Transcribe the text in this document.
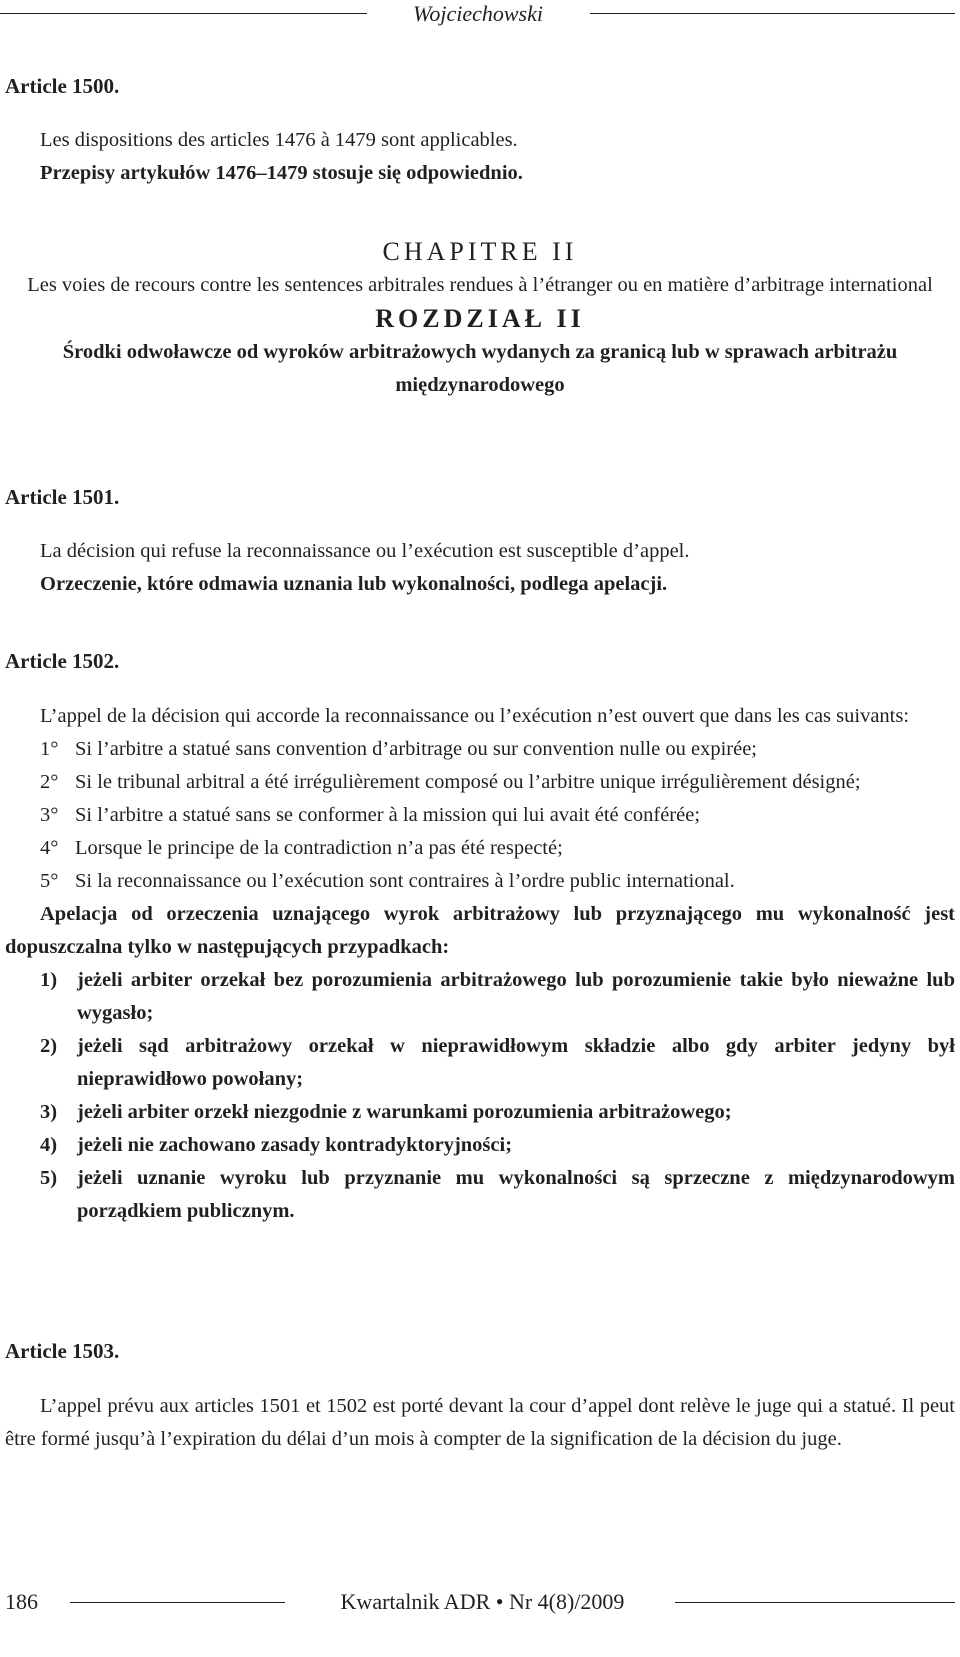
Wojciechowski

Article 1500.

Les dispositions des articles 1476 à 1479 sont applicables.

Przepisy artykułów 1476–1479 stosuje się odpowiednio.

CHAPITRE II

Les voies de recours contre les sentences arbitrales rendues à l’étranger ou en matière d’arbitrage international

ROZDZIAŁ II

Środki odwoławcze od wyroków arbitrażowych wydanych za granicą lub w sprawach arbitrażu międzynarodowego

Article 1501.

La décision qui refuse la reconnaissance ou l’exécution est susceptible d’appel.

Orzeczenie, które odmawia uznania lub wykonalności, podlega apelacji.

Article 1502.

L’appel de la décision qui accorde la reconnaissance ou l’exécution n’est ouvert que dans les cas suivants:

1° Si l’arbitre a statué sans convention d’arbitrage ou sur convention nulle ou expirée;

2° Si le tribunal arbitral a été irrégulièrement composé ou l’arbitre unique irrégulièrement désigné;

3° Si l’arbitre a statué sans se conformer à la mission qui lui avait été conférée;

4° Lorsque le principe de la contradiction n’a pas été respecté;

5° Si la reconnaissance ou l’exécution sont contraires à l’ordre public international.

Apelacja od orzeczenia uznającego wyrok arbitrażowy lub przyznającego mu wykonalność jest dopuszczalna tylko w następujących przypadkach:

1) jeżeli arbiter orzekał bez porozumienia arbitrażowego lub porozumienie takie było nieważne lub wygasło;

2) jeżeli sąd arbitrażowy orzekał w nieprawidłowym składzie albo gdy arbiter jedyny był nieprawidłowo powołany;

3) jeżeli arbiter orzekł niezgodnie z warunkami porozumienia arbitrażowego;

4) jeżeli nie zachowano zasady kontradyktoryjności;

5) jeżeli uznanie wyroku lub przyznanie mu wykonalności są sprzeczne z międzynarodowym porządkiem publicznym.

Article 1503.

L’appel prévu aux articles 1501 et 1502 est porté devant la cour d’appel dont relève le juge qui a statué. Il peut être formé jusqu’à l’expiration du délai d’un mois à compter de la signification de la décision du juge.

186	Kwartalnik ADR • Nr 4(8)/2009
